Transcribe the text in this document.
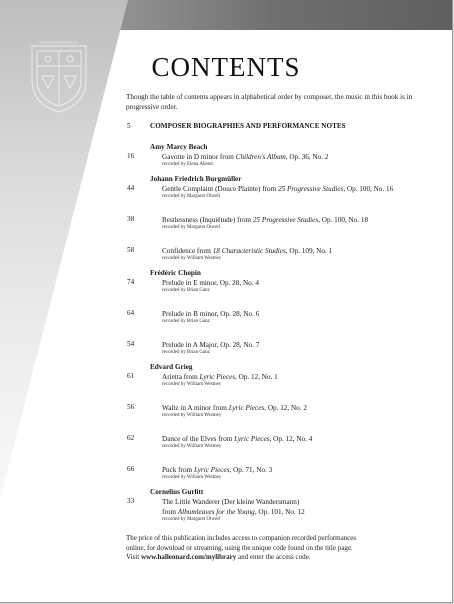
PERFORMANCE
CONTENTS

Though the table of contents appears in alphabetical order by composer, the music in this book is in progressive order.

5	COMPOSER BIOGRAPHIES AND PERFORMANCE NOTES
Amy Marcy Beach
16	Gavotte in D minor from Children's Album, Op. 36, No. 2
recorded by Elena Abend
Johann Friedrich Burgmüller
44	Gentle Complaint (Douce Plainte) from 25 Progressive Studies, Op. 100, No. 16
recorded by Margaret Otwell
38	Restlessness (Inquiétude) from 25 Progressive Studies, Op. 100, No. 18
recorded by Margaret Otwell
58	Confidence from 18 Characteristic Studies, Op. 109, No. 1
recorded by William Westney
Frédéric Chopin
74	Prelude in E minor, Op. 28, No. 4
recorded by Brian Ganz
64	Prelude in B minor, Op. 28, No. 6
recorded by Brian Ganz
54	Prelude in A Major, Op. 28, No. 7
recorded by Brian Ganz
Edvard Grieg
61	Arietta from Lyric Pieces, Op. 12, No. 1
recorded by William Westney
56	Waltz in A minor from Lyric Pieces, Op. 12, No. 2
recorded by William Westney
62	Dance of the Elves from Lyric Pieces, Op. 12, No. 4
recorded by William Westney
66	Puck from Lyric Pieces, Op. 71, No. 3
recorded by William Westney
Cornelius Gurlitt
33	The Little Wanderer (Der kleine Wandersmann)
from Albumleaves for the Young, Op. 101, No. 12
recorded by Margaret Otwell

The price of this publication includes access to companion recorded performances
online, for download or streaming, using the unique code found on the title page.
Visit www.halleonard.com/mylibrary and enter the access code.
